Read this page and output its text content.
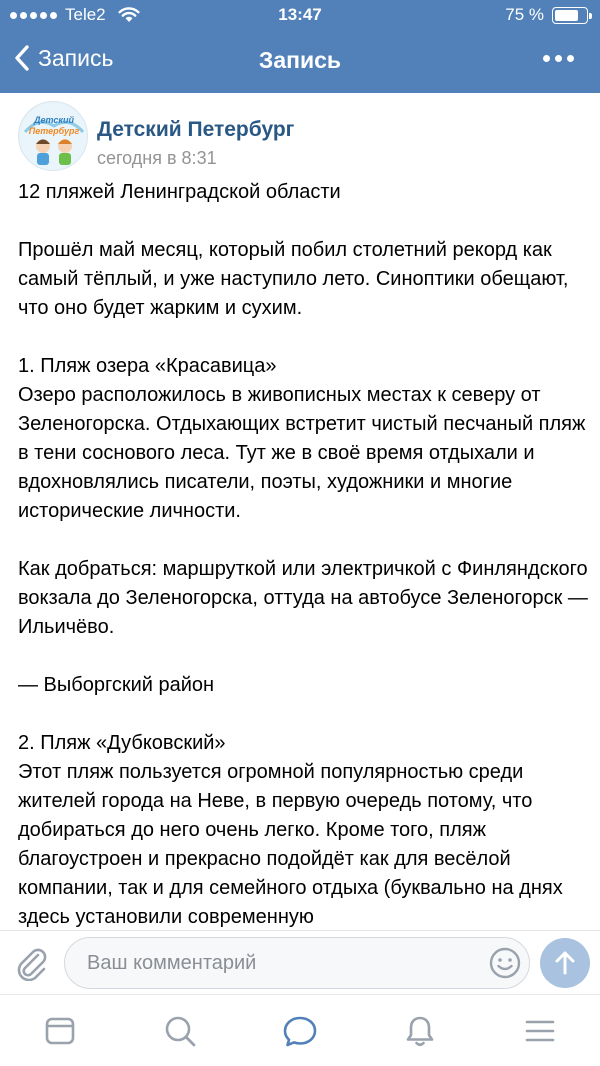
Tele2	13:47	75 %
Запись	Запись
Детский
Петербург Детский Петербург
сегодня в 8:31

12 пляжей Ленинградской области

Прошёл май месяц, который побил столетний рекорд как самый тёплый, и уже наступило лето. Синоптики обещают, что оно будет жарким и сухим.

1. Пляж озера «Красавица»
Озеро расположилось в живописных местах к северу от Зеленогорска. Отдыхающих встретит чистый песчаный пляж в тени соснового леса. Тут же в своё время отдыхали и вдохновлялись писатели, поэты, художники и многие исторические личности.

Как добраться: маршруткой или электричкой с Финляндского вокзала до Зеленогорска, оттуда на автобусе Зеленогорск — Ильичёво.

— Выборгский район

2. Пляж «Дубковский»
Этот пляж пользуется огромной популярностью среди жителей города на Неве, в первую очередь потому, что добираться до него очень легко. Кроме того, пляж благоустроен и прекрасно подойдёт как для весёлой компании, так и для семейного отдыха (буквально на днях здесь установили современную

Ваш комментарий
